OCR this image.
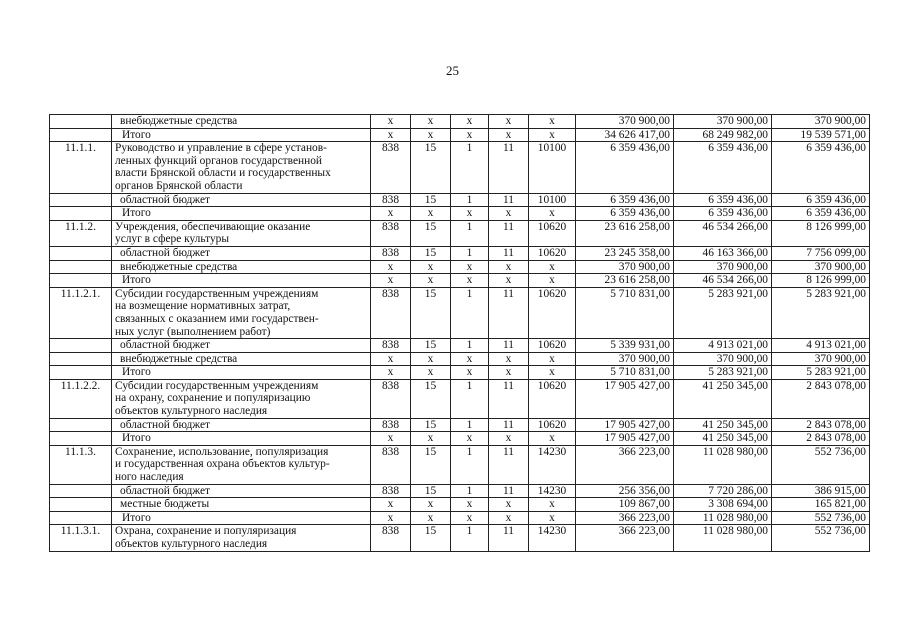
25

	внебюджетные средства	х	х	х	х	х	370 900,00	370 900,00	370 900,00

	Итого	х	х	х	х	х	34 626 417,00	68 249 982,00	19 539 571,00
11.1.1.	Руководство и управление в сфере установ-
ленных функций органов государственной
власти Брянской области и государственных
органов Брянской области	838	15	1	11	10100	6 359 436,00	6 359 436,00	6 359 436,00

	областной бюджет	838	15	1	11	10100	6 359 436,00	6 359 436,00	6 359 436,00

	Итого	х	х	х	х	х	6 359 436,00	6 359 436,00	6 359 436,00
11.1.2.	Учреждения, обеспечивающие оказание
услуг в сфере культуры	838	15	1	11	10620	23 616 258,00	46 534 266,00	8 126 999,00

	областной бюджет	838	15	1	11	10620	23 245 358,00	46 163 366,00	7 756 099,00

	внебюджетные средства	х	х	х	х	х	370 900,00	370 900,00	370 900,00

	Итого	х	х	х	х	х	23 616 258,00	46 534 266,00	8 126 999,00
11.1.2.1.	Субсидии государственным учреждениям
на возмещение нормативных затрат,
связанных с оказанием ими государствен-
ных услуг (выполнением работ)	838	15	1	11	10620	5 710 831,00	5 283 921,00	5 283 921,00

	областной бюджет	838	15	1	11	10620	5 339 931,00	4 913 021,00	4 913 021,00

	внебюджетные средства	х	х	х	х	х	370 900,00	370 900,00	370 900,00

	Итого	х	х	х	х	х	5 710 831,00	5 283 921,00	5 283 921,00
11.1.2.2.	Субсидии государственным учреждениям
на охрану, сохранение и популяризацию
объектов культурного наследия	838	15	1	11	10620	17 905 427,00	41 250 345,00	2 843 078,00

	областной бюджет	838	15	1	11	10620	17 905 427,00	41 250 345,00	2 843 078,00

	Итого	х	х	х	х	х	17 905 427,00	41 250 345,00	2 843 078,00
11.1.3.	Сохранение, использование, популяризация
и государственная охрана объектов культур-
ного наследия	838	15	1	11	14230	366 223,00	11 028 980,00	552 736,00

	областной бюджет	838	15	1	11	14230	256 356,00	7 720 286,00	386 915,00

	местные бюджеты	х	х	х	х	х	109 867,00	3 308 694,00	165 821,00

	Итого	х	х	х	х	х	366 223,00	11 028 980,00	552 736,00
11.1.3.1.	Охрана, сохранение и популяризация
объектов культурного наследия	838	15	1	11	14230	366 223,00	11 028 980,00	552 736,00
